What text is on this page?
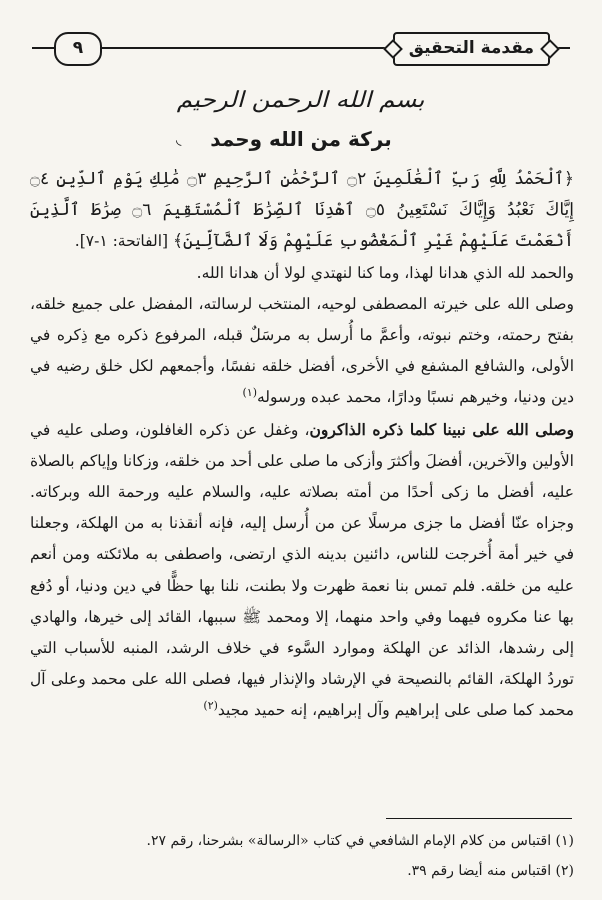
مقدمة التحقيق
٩
بسم الله الرحمن الرحيم
◟	بركة من الله وحمد

﴿ٱلْحَمْدُ لِلَّهِ رَبِّ ٱلْعَٰلَمِينَ ۝٢ ٱلرَّحْمَٰنِ ٱلرَّحِيمِ ۝٣ مَٰلِكِ يَوْمِ ٱلدِّينِ ۝٤ إِيَّاكَ نَعْبُدُ وَإِيَّاكَ نَسْتَعِينُ ۝٥ ٱهْدِنَا ٱلصِّرَٰطَ ٱلْمُسْتَقِيمَ ۝٦ صِرَٰطَ ٱلَّذِينَ أَنْعَمْتَ عَلَيْهِمْ غَيْرِ ٱلْمَغْضُوبِ عَلَيْهِمْ وَلَا ٱلضَّآلِّينَ﴾ [الفاتحة: ١-٧].

والحمد لله الذي هدانا لهذا، وما كنا لنهتدي لولا أن هدانا الله.

وصلى الله على خيرته المصطفى لوحيه، المنتخب لرسالته، المفضل على جميع خلقه، بفتح رحمته، وختم نبوته، وأعمَّ ما أُرسل به مرسَلٌ قبله، المرفوع ذكره مع ذِكره في الأولى، والشافع المشفع في الأخرى، أفضل خلقه نفسًا، وأجمعهم لكل خلق رضيه في دين ودنيا، وخيرهم نسبًا ودارًا، محمد عبده ورسوله$^{(١)}$

وصلى الله على نبينا كلما ذكره الذاكرون، وغفل عن ذكره الغافلون، وصلى عليه في الأولين والآخرين، أفضلَ وأكثرَ وأزكى ما صلى على أحد من خلقه، وزكانا وإياكم بالصلاة عليه، أفضل ما زكى أحدًا من أمته بصلاته عليه، والسلام عليه ورحمة الله وبركاته. وجزاه عنّا أفضل ما جزى مرسلًا عن من أُرسل إليه، فإنه أنقذنا به من الهلكة، وجعلنا في خير أمة أُخرجت للناس، دائنين بدينه الذي ارتضى، واصطفى به ملائكته ومن أنعم عليه من خلقه. فلم تمس بنا نعمة ظهرت ولا بطنت، نلنا بها حظًّا في دين ودنيا، أو دُفع بها عنا مكروه فيهما وفي واحد منهما، إلا ومحمد ﷺ سببها، القائد إلى خيرها، والهادي إلى رشدها، الذائد عن الهلكة وموارد السَّوء في خلاف الرشد، المنبه للأسباب التي توردُ الهلكة، القائم بالنصيحة في الإرشاد والإنذار فيها، فصلى الله على محمد وعلى آل محمد كما صلى على إبراهيم وآل إبراهيم، إنه حميد مجيد$^{(٢)}$

(١) اقتباس من كلام الإمام الشافعي في كتاب «الرسالة» بشرحنا، رقم ٢٧.

(٢) اقتباس منه أيضا رقم ٣٩.
